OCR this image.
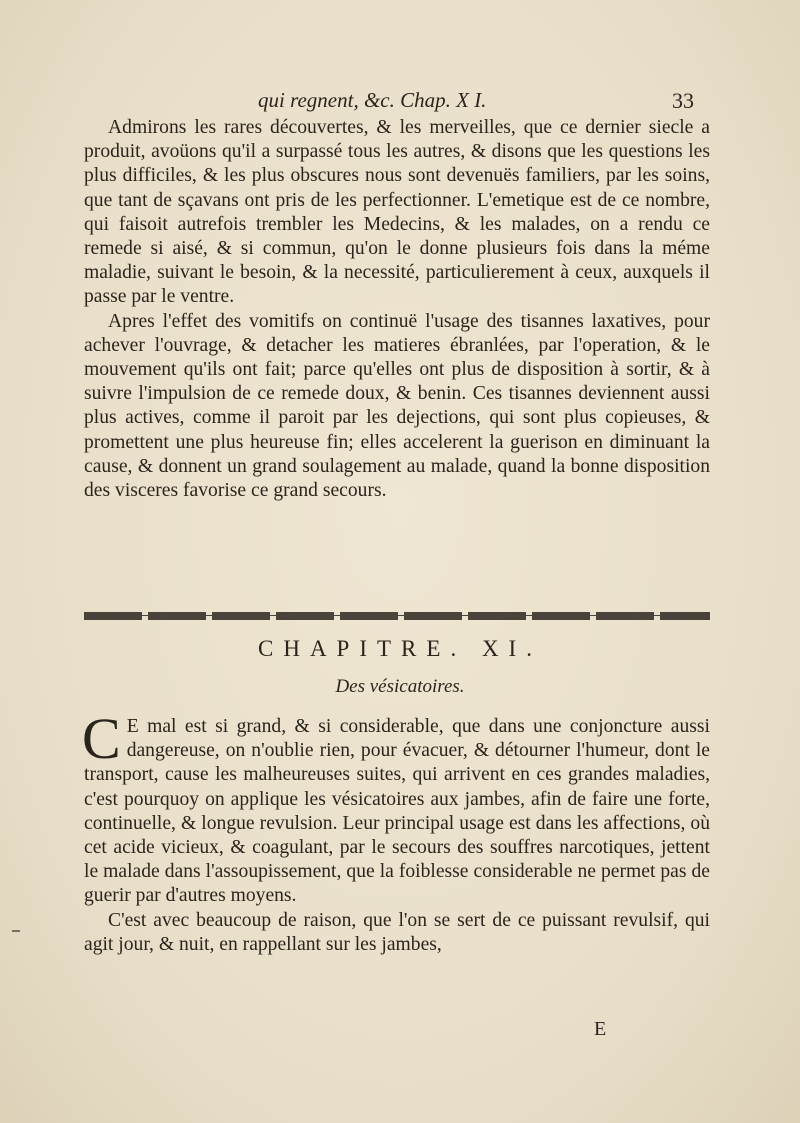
qui regnent, &c. Chap. X I.	33

Admirons les rares découvertes, & les merveilles, que ce dernier siecle a produit, avoüons qu'il a surpassé tous les autres, & disons que les questions les plus difficiles, & les plus obscures nous sont devenuës familiers, par les soins, que tant de sçavans ont pris de les perfectionner. L'emetique est de ce nombre, qui faisoit autrefois trembler les Medecins, & les malades, on a rendu ce remede si aisé, & si commun, qu'on le donne plusieurs fois dans la méme maladie, suivant le besoin, & la necessité, particulierement à ceux, auxquels il passe par le ventre.

Apres l'effet des vomitifs on continuë l'usage des tisannes laxatives, pour achever l'ouvrage, & detacher les matieres ébranlées, par l'operation, & le mouvement qu'ils ont fait; parce qu'elles ont plus de disposition à sortir, & à suivre l'impulsion de ce remede doux, & benin. Ces tisannes deviennent aussi plus actives, comme il paroit par les dejections, qui sont plus copieuses, & promettent une plus heureuse fin; elles accelerent la guerison en diminuant la cause, & donnent un grand soulagement au malade, quand la bonne disposition des visceres favorise ce grand secours.

CHAPITRE. XI.
Des vésicatoires.

C E mal est si grand, & si considerable, que dans une conjoncture aussi dangereuse, on n'oublie rien, pour évacuer, & détourner l'humeur, dont le transport, cause les malheureuses suites, qui arrivent en ces grandes maladies, c'est pourquoy on applique les vésicatoires aux jambes, afin de faire une forte, continuelle, & longue revulsion. Leur principal usage est dans les affections, où cet acide vicieux, & coagulant, par le secours des souffres narcotiques, jettent le malade dans l'assoupissement, que la foiblesse considerable ne permet pas de guerir par d'autres moyens.

C'est avec beaucoup de raison, que l'on se sert de ce puissant revulsif, qui agit jour, & nuit, en rappellant sur les jambes,

E
